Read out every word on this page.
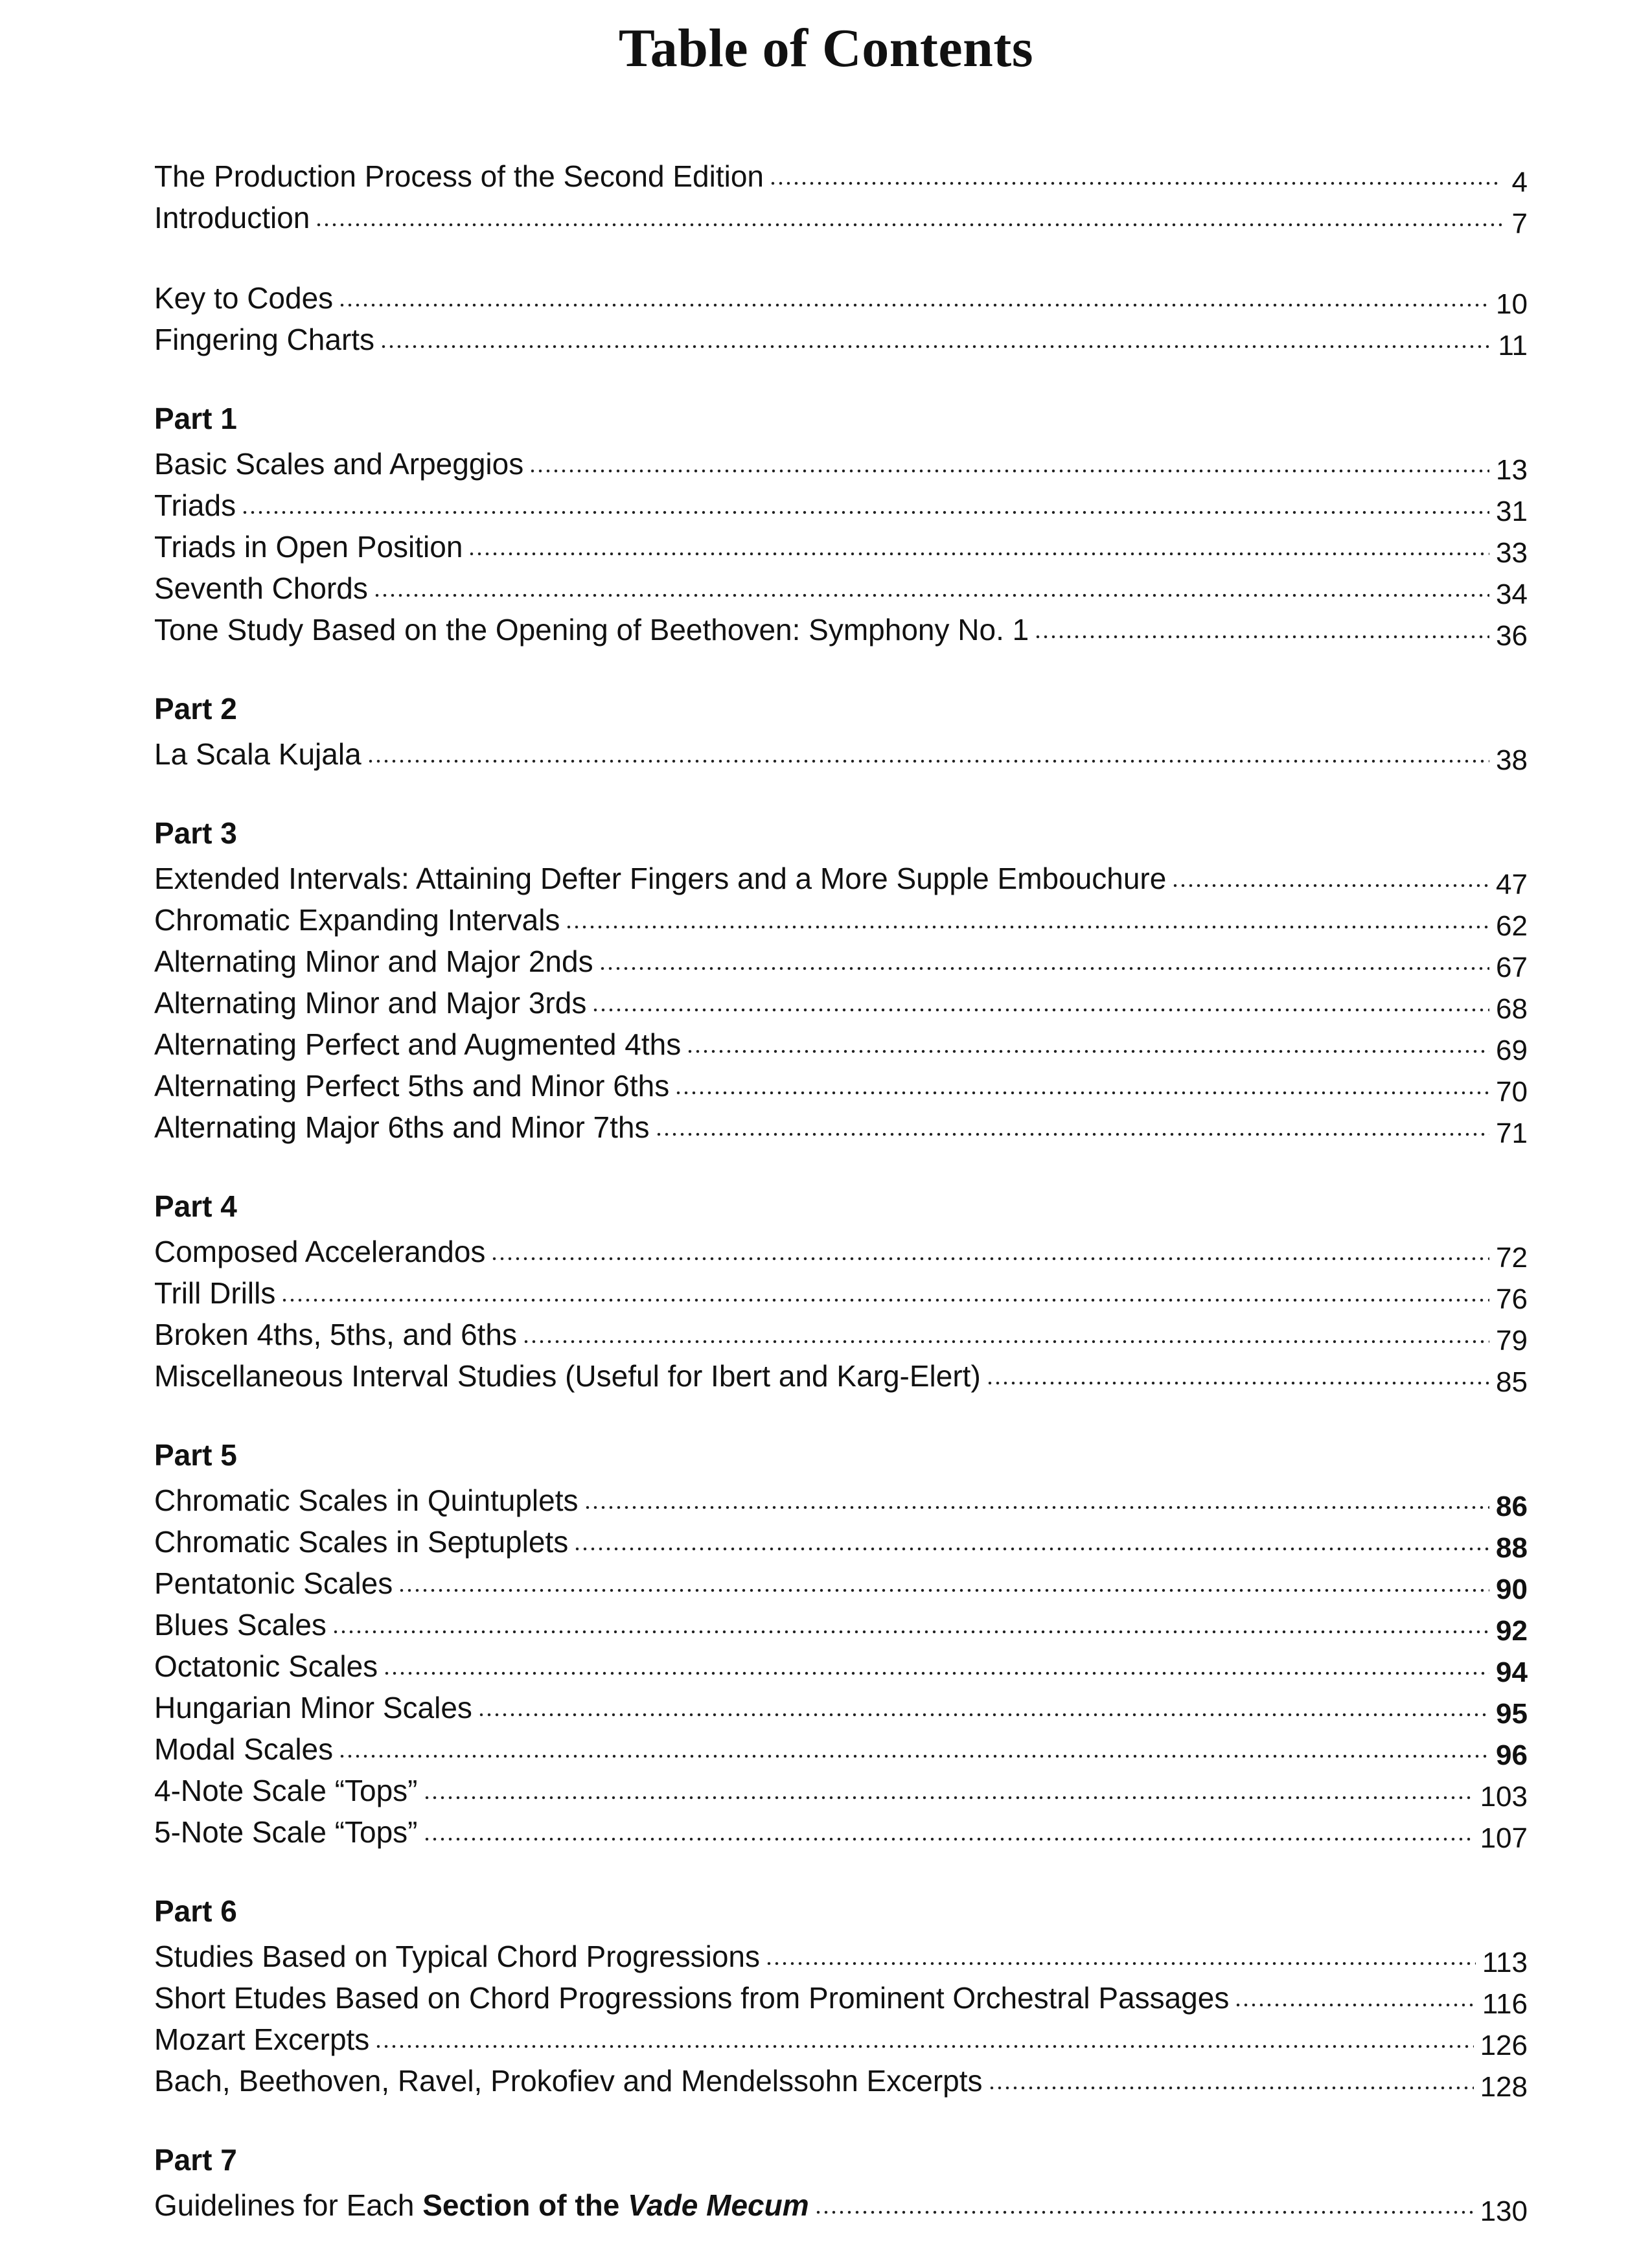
Table of Contents
The Production Process of the Second Edition	4
Introduction	7
Key to Codes	10
Fingering Charts	11
Part 1
Basic Scales and Arpeggios	13
Triads	31
Triads in Open Position	33
Seventh Chords	34
Tone Study Based on the Opening of Beethoven: Symphony No. 1	36
Part 2
La Scala Kujala	38
Part 3
Extended Intervals: Attaining Defter Fingers and a More Supple Embouchure	47
Chromatic Expanding Intervals	62
Alternating Minor and Major 2nds	67
Alternating Minor and Major 3rds	68
Alternating Perfect and Augmented 4ths	69
Alternating Perfect 5ths and Minor 6ths	70
Alternating Major 6ths and Minor 7ths	71
Part 4
Composed Accelerandos	72
Trill Drills	76
Broken 4ths, 5ths, and 6ths	79
Miscellaneous Interval Studies (Useful for Ibert and Karg-Elert)	85
Part 5
Chromatic Scales in Quintuplets	86
Chromatic Scales in Septuplets	88
Pentatonic Scales	90
Blues Scales	92
Octatonic Scales	94
Hungarian Minor Scales	95
Modal Scales	96
4-Note Scale “Tops”	103
5-Note Scale “Tops”	107
Part 6
Studies Based on Typical Chord Progressions	113
Short Etudes Based on Chord Progressions from Prominent Orchestral Passages	116
Mozart Excerpts	126
Bach, Beethoven, Ravel, Prokofiev and Mendelssohn Excerpts	128
Part 7
Guidelines for Each Section of the Vade Mecum	130
